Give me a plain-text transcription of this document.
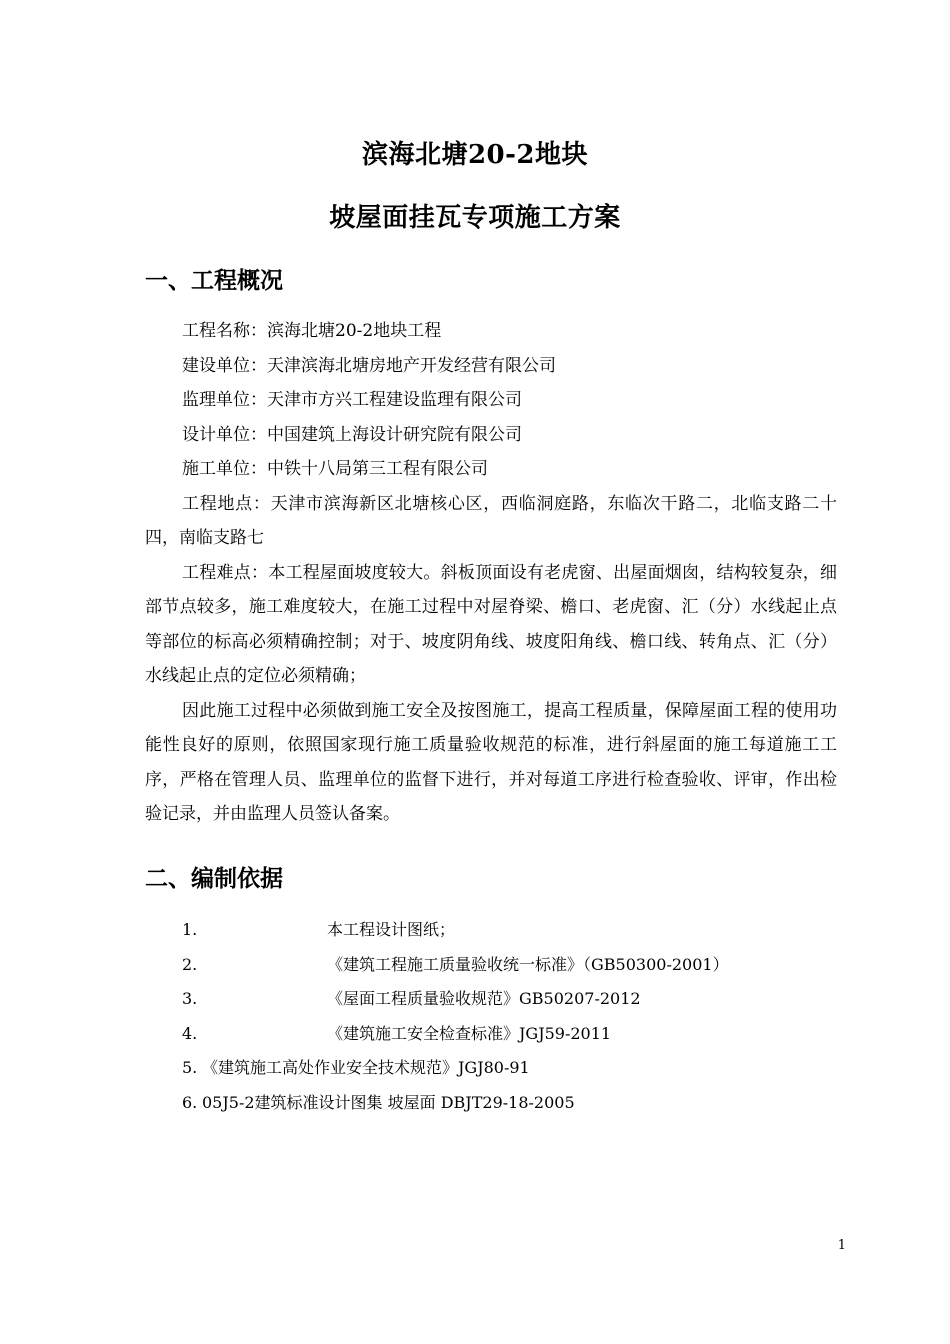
滨海北塘20-2地块
坡屋面挂瓦专项施工方案
一、工程概况
工程名称：滨海北塘20-2地块工程
建设单位：天津滨海北塘房地产开发经营有限公司
监理单位：天津市方兴工程建设监理有限公司
设计单位：中国建筑上海设计研究院有限公司
施工单位：中铁十八局第三工程有限公司
工程地点：天津市滨海新区北塘核心区，西临洞庭路，东临次干路二，北临支路二十四，南临支路七
工程难点：本工程屋面坡度较大。斜板顶面设有老虎窗、出屋面烟囱，结构较复杂，细部节点较多，施工难度较大，在施工过程中对屋脊梁、檐口、老虎窗、汇（分）水线起止点等部位的标高必须精确控制；对于、坡度阴角线、坡度阳角线、檐口线、转角点、汇（分）水线起止点的定位必须精确；
因此施工过程中必须做到施工安全及按图施工，提高工程质量，保障屋面工程的使用功能性良好的原则，依照国家现行施工质量验收规范的标准，进行斜屋面的施工每道施工工序，严格在管理人员、监理单位的监督下进行，并对每道工序进行检查验收、评审，作出检验记录，并由监理人员签认备案。
二、编制依据
1.	本工程设计图纸；
2.	《建筑工程施工质量验收统一标准》（GB50300-2001）
3.	《屋面工程质量验收规范》GB50207-2012
4.	《建筑施工安全检查标准》JGJ59-2011
5. 《建筑施工高处作业安全技术规范》JGJ80-91
6. 05J5-2建筑标准设计图集 坡屋面 DBJT29-18-2005
1
